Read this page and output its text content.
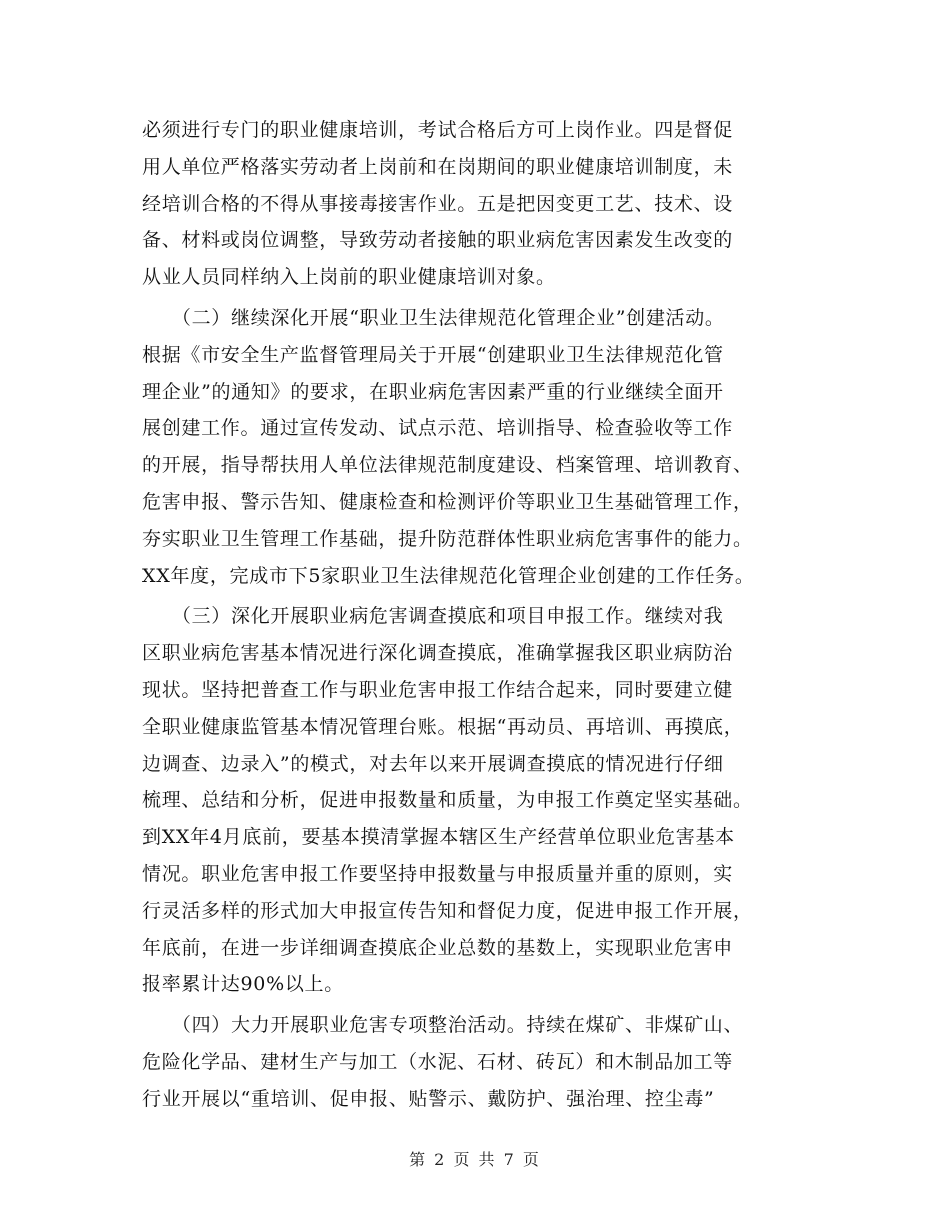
必须进行专门的职业健康培训，考试合格后方可上岗作业。四是督促
用人单位严格落实劳动者上岗前和在岗期间的职业健康培训制度，未
经培训合格的不得从事接毒接害作业。五是把因变更工艺、技术、设
备、材料或岗位调整，导致劳动者接触的职业病危害因素发生改变的
从业人员同样纳入上岗前的职业健康培训对象。
　　（二）继续深化开展“职业卫生法律规范化管理企业”创建活动。
根据《市安全生产监督管理局关于开展“创建职业卫生法律规范化管
理企业”的通知》的要求，在职业病危害因素严重的行业继续全面开
展创建工作。通过宣传发动、试点示范、培训指导、检查验收等工作
的开展，指导帮扶用人单位法律规范制度建设、档案管理、培训教育、
危害申报、警示告知、健康检查和检测评价等职业卫生基础管理工作，
夯实职业卫生管理工作基础，提升防范群体性职业病危害事件的能力。
XX年度，完成市下5家职业卫生法律规范化管理企业创建的工作任务。
　　（三）深化开展职业病危害调查摸底和项目申报工作。继续对我
区职业病危害基本情况进行深化调查摸底，准确掌握我区职业病防治
现状。坚持把普查工作与职业危害申报工作结合起来，同时要建立健
全职业健康监管基本情况管理台账。根据“再动员、再培训、再摸底，
边调查、边录入”的模式，对去年以来开展调查摸底的情况进行仔细
梳理、总结和分析，促进申报数量和质量，为申报工作奠定坚实基础。
到XX年4月底前，要基本摸清掌握本辖区生产经营单位职业危害基本
情况。职业危害申报工作要坚持申报数量与申报质量并重的原则，实
行灵活多样的形式加大申报宣传告知和督促力度，促进申报工作开展，
年底前，在进一步详细调查摸底企业总数的基数上，实现职业危害申
报率累计达90%以上。
　　（四）大力开展职业危害专项整治活动。持续在煤矿、非煤矿山、
危险化学品、建材生产与加工（水泥、石材、砖瓦）和木制品加工等
行业开展以“重培训、促申报、贴警示、戴防护、强治理、控尘毒”
第 2 页 共 7 页
